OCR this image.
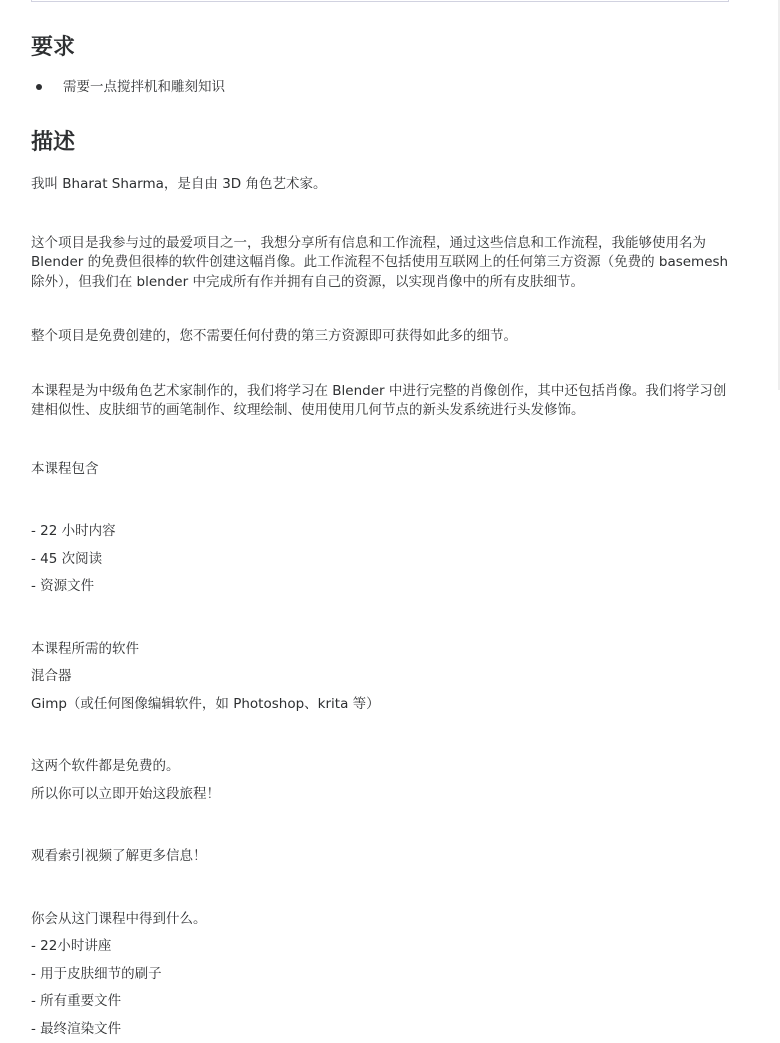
要求
需要一点搅拌机和雕刻知识
描述

我叫 Bharat Sharma，是自由 3D 角色艺术家。

这个项目是我参与过的最爱项目之一，我想分享所有信息和工作流程，通过这些信息和工作流程，我能够使用名为 Blender 的免费但很棒的软件创建这幅肖像。此工作流程不包括使用互联网上的任何第三方资源（免费的 basemesh 除外），但我们在 blender 中完成所有作并拥有自己的资源，以实现肖像中的所有皮肤细节。

整个项目是免费创建的，您不需要任何付费的第三方资源即可获得如此多的细节。

本课程是为中级角色艺术家制作的，我们将学习在 Blender 中进行完整的肖像创作，其中还包括肖像。我们将学习创建相似性、皮肤细节的画笔制作、纹理绘制、使用使用几何节点的新头发系统进行头发修饰。

本课程包含

- 22 小时内容

- 45 次阅读

- 资源文件

本课程所需的软件

混合器

Gimp（或任何图像编辑软件，如 Photoshop、krita 等）

这两个软件都是免费的。

所以你可以立即开始这段旅程！

观看索引视频了解更多信息！

你会从这门课程中得到什么。

- 22小时讲座

- 用于皮肤细节的刷子

- 所有重要文件

- 最终渲染文件
